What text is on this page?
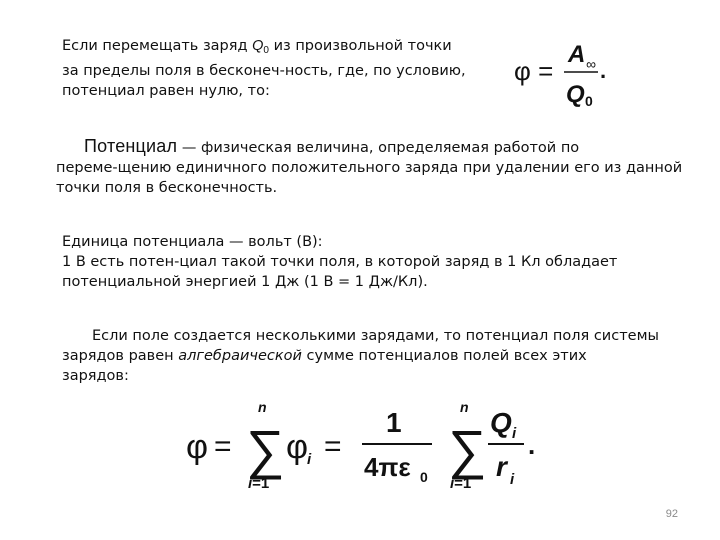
Если перемещать заряд $Q_0$ из произвольной точки
за пределы поля в бесконеч-ность, где, по условию,
потенциал равен нулю, то:
φ =
A ∞
Q 0
.
Потенциал — физическая величина, определяемая работой по
переме-щению единичного положительного заряда при удалении его из данной
точки поля в бесконечность.
Единица потенциала — вольт (В):
1 В есть потен-циал такой точки поля, в которой заряд в 1 Кл обладает
потенциальной энергией 1 Дж (1 В = 1 Дж/Кл).
Если поле создается несколькими зарядами, то потенциал поля системы
зарядов равен алгебраической сумме потенциалов полей всех этих
зарядов:
φ =
n
∑
i=1
φ
i =
1
4πε 0
n
∑
i=1
Q i
r i
.
92
